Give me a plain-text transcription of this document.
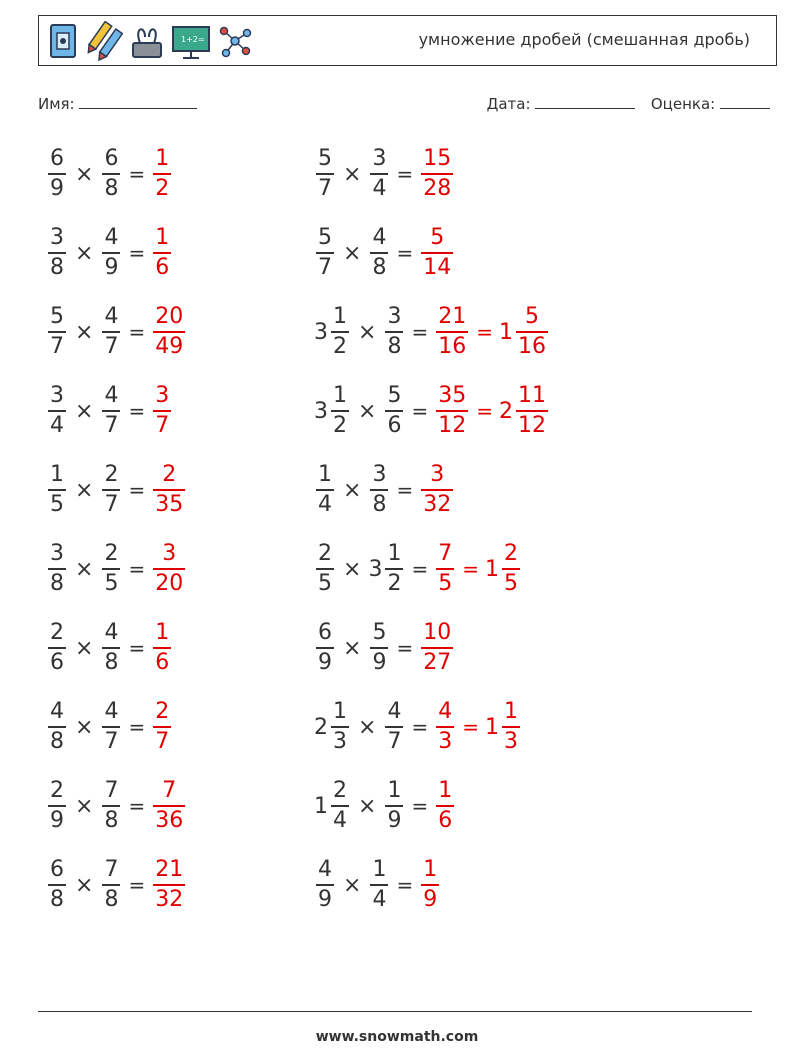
1+2=	умножение дробей (смешанная дробь)
Имя:	Дата:	Оценка:
$\frac{6}{9} \times \frac{6}{8} = \frac{1}{2}$	$\frac{5}{7} \times \frac{3}{4} = \frac{15}{28}$
$\frac{3}{8} \times \frac{4}{9} = \frac{1}{6}$	$\frac{5}{7} \times \frac{4}{8} = \frac{5}{14}$
$\frac{5}{7} \times \frac{4}{7} = \frac{20}{49}$	$3 \frac{1}{2} \times \frac{3}{8} = \frac{21}{16} = 1 \frac{5}{16}$
$\frac{3}{4} \times \frac{4}{7} = \frac{3}{7}$	$3 \frac{1}{2} \times \frac{5}{6} = \frac{35}{12} = 2 \frac{11}{12}$
$\frac{1}{5} \times \frac{2}{7} = \frac{2}{35}$	$\frac{1}{4} \times \frac{3}{8} = \frac{3}{32}$
$\frac{3}{8} \times \frac{2}{5} = \frac{3}{20}$	$\frac{2}{5} \times 3 \frac{1}{2} = \frac{7}{5} = 1 \frac{2}{5}$
$\frac{2}{6} \times \frac{4}{8} = \frac{1}{6}$	$\frac{6}{9} \times \frac{5}{9} = \frac{10}{27}$
$\frac{4}{8} \times \frac{4}{7} = \frac{2}{7}$	$2 \frac{1}{3} \times \frac{4}{7} = \frac{4}{3} = 1 \frac{1}{3}$
$\frac{2}{9} \times \frac{7}{8} = \frac{7}{36}$	$1 \frac{2}{4} \times \frac{1}{9} = \frac{1}{6}$
$\frac{6}{8} \times \frac{7}{8} = \frac{21}{32}$	$\frac{4}{9} \times \frac{1}{4} = \frac{1}{9}$
www.snowmath.com
